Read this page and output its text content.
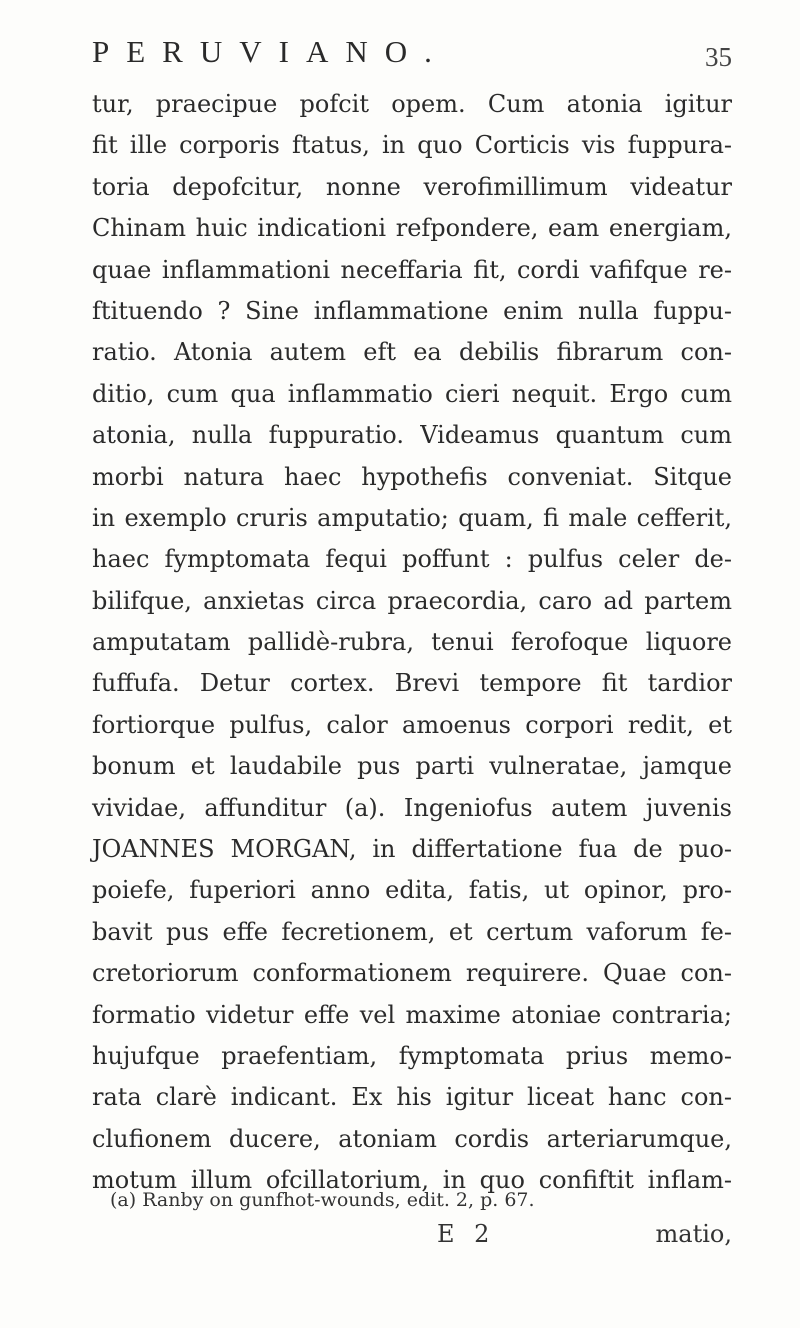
PERUVIANO.	35
tur, praecipue pofcit opem. Cum atonia igitur
fit ille corporis ftatus, in quo Corticis vis fuppura-
toria depofcitur, nonne verofimillimum videatur
Chinam huic indicationi refpondere, eam energiam,
quae inflammationi neceffaria fit, cordi vafifque re-
ftituendo ? Sine inflammatione enim nulla fuppu-
ratio. Atonia autem eft ea debilis fibrarum con-
ditio, cum qua inflammatio cieri nequit. Ergo cum
atonia, nulla fuppuratio. Videamus quantum cum
morbi natura haec hypothefis conveniat. Sitque
in exemplo cruris amputatio; quam, fi male cefferit,
haec fymptomata fequi poffunt : pulfus celer de-
bilifque, anxietas circa praecordia, caro ad partem
amputatam pallidè-rubra, tenui ferofoque liquore
fuffufa. Detur cortex. Brevi tempore fit tardior
fortiorque pulfus, calor amoenus corpori redit, et
bonum et laudabile pus parti vulneratae, jamque
vividae, affunditur (a). Ingeniofus autem juvenis
JOANNES MORGAN, in differtatione fua de puo-
poiefe, fuperiori anno edita, fatis, ut opinor, pro-
bavit pus effe fecretionem, et certum vaforum fe-
cretoriorum conformationem requirere. Quae con-
formatio videtur effe vel maxime atoniae contraria;
hujufque praefentiam, fymptomata prius memo-
rata clarè indicant. Ex his igitur liceat hanc con-
clufionem ducere, atoniam cordis arteriarumque,
motum illum ofcillatorium, in quo confiftit inflam-
(a) Ranby on gunfhot-wounds, edit. 2, p. 67.
E 2	matio,
